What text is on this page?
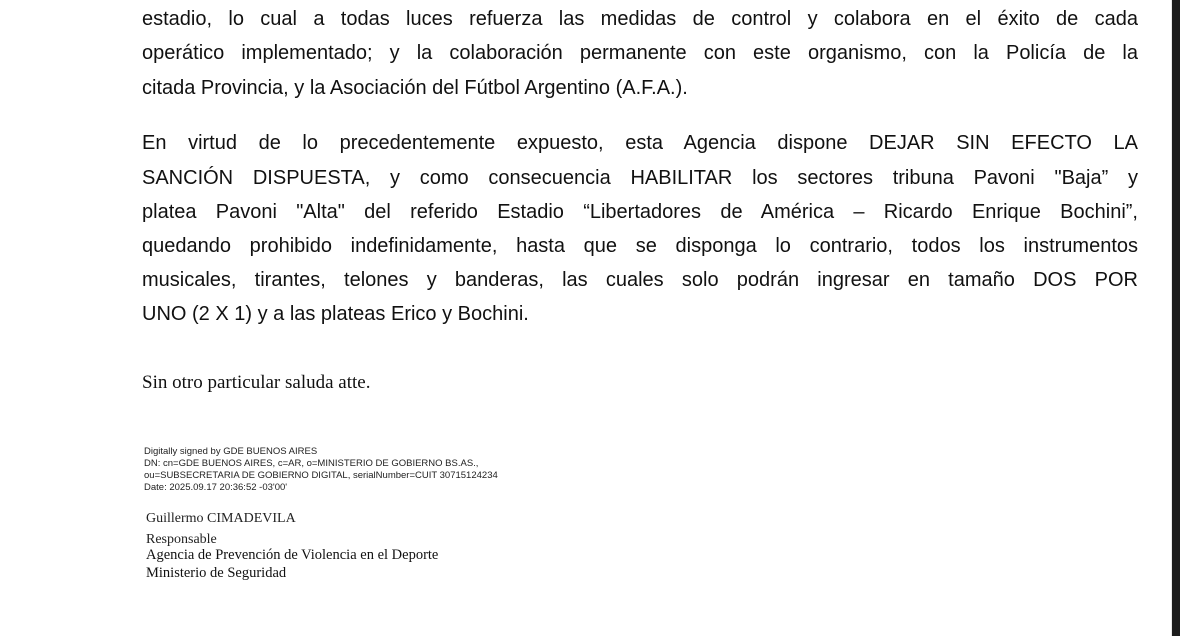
estadio, lo cual a todas luces refuerza las medidas de control y colabora en el éxito de cada
operático implementado; y la colaboración permanente con este organismo, con la Policía de la
citada Provincia, y la Asociación del Fútbol Argentino (A.F.A.).
En virtud de lo precedentemente expuesto, esta Agencia dispone DEJAR SIN EFECTO LA
SANCIÓN DISPUESTA, y como consecuencia HABILITAR los sectores tribuna Pavoni "Baja” y
platea Pavoni "Alta" del referido Estadio “Libertadores de América – Ricardo Enrique Bochini”,
quedando prohibido indefinidamente, hasta que se disponga lo contrario, todos los instrumentos
musicales, tirantes, telones y banderas, las cuales solo podrán ingresar en tamaño DOS POR
UNO (2 X 1) y a las plateas Erico y Bochini.
Sin otro particular saluda atte.
Digitally signed by GDE BUENOS AIRES
DN: cn=GDE BUENOS AIRES, c=AR, o=MINISTERIO DE GOBIERNO BS.AS.,
ou=SUBSECRETARIA DE GOBIERNO DIGITAL, serialNumber=CUIT 30715124234
Date: 2025.09.17 20:36:52 -03'00'
Guillermo CIMADEVILA
Responsable
Agencia de Prevención de Violencia en el Deporte
Ministerio de Seguridad
